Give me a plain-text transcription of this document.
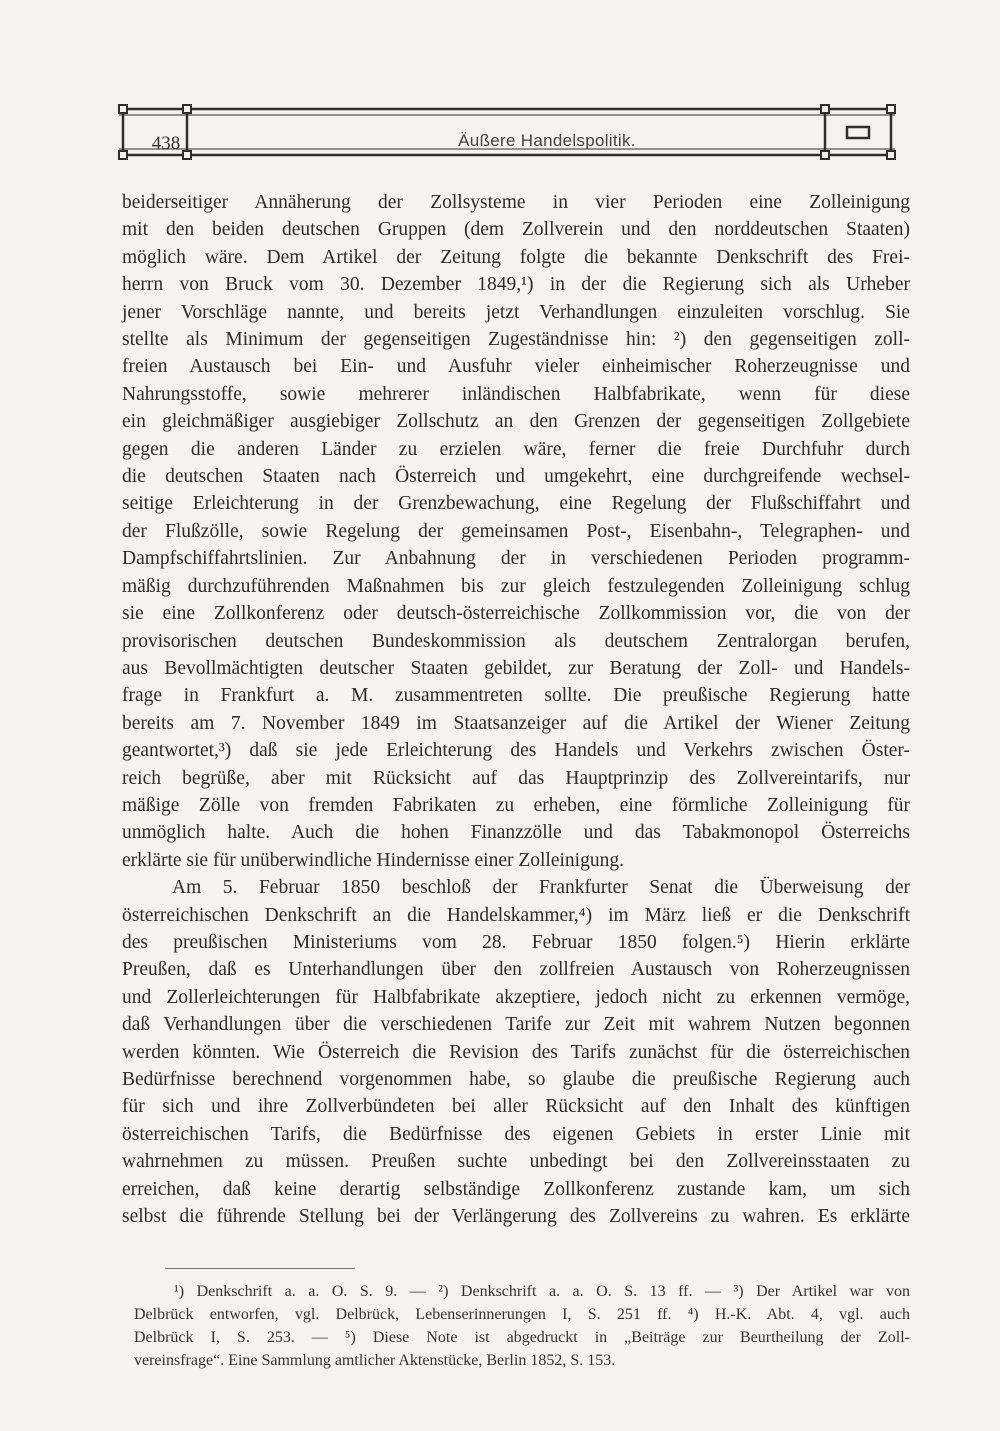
438	Äußere Handelspolitik.
beiderseitiger Annäherung der Zollsysteme in vier Perioden eine Zolleinigung
mit den beiden deutschen Gruppen (dem Zollverein und den norddeutschen Staaten)
möglich wäre. Dem Artikel der Zeitung folgte die bekannte Denkschrift des Frei-
herrn von Bruck vom 30. Dezember 1849,¹) in der die Regierung sich als Urheber
jener Vorschläge nannte, und bereits jetzt Verhandlungen einzuleiten vorschlug. Sie
stellte als Minimum der gegenseitigen Zugeständnisse hin: ²) den gegenseitigen zoll-
freien Austausch bei Ein- und Ausfuhr vieler einheimischer Roherzeugnisse und
Nahrungsstoffe, sowie mehrerer inländischen Halbfabrikate, wenn für diese
ein gleichmäßiger ausgiebiger Zollschutz an den Grenzen der gegenseitigen Zollgebiete
gegen die anderen Länder zu erzielen wäre, ferner die freie Durchfuhr durch
die deutschen Staaten nach Österreich und umgekehrt, eine durchgreifende wechsel-
seitige Erleichterung in der Grenzbewachung, eine Regelung der Flußschiffahrt und
der Flußzölle, sowie Regelung der gemeinsamen Post-, Eisenbahn-, Telegraphen- und
Dampfschiffahrtslinien. Zur Anbahnung der in verschiedenen Perioden programm-
mäßig durchzuführenden Maßnahmen bis zur gleich festzulegenden Zolleinigung schlug
sie eine Zollkonferenz oder deutsch-österreichische Zollkommission vor, die von der
provisorischen deutschen Bundeskommission als deutschem Zentralorgan berufen,
aus Bevollmächtigten deutscher Staaten gebildet, zur Beratung der Zoll- und Handels-
frage in Frankfurt a. M. zusammentreten sollte. Die preußische Regierung hatte
bereits am 7. November 1849 im Staatsanzeiger auf die Artikel der Wiener Zeitung
geantwortet,³) daß sie jede Erleichterung des Handels und Verkehrs zwischen Öster-
reich begrüße, aber mit Rücksicht auf das Hauptprinzip des Zollvereintarifs, nur
mäßige Zölle von fremden Fabrikaten zu erheben, eine förmliche Zolleinigung für
unmöglich halte. Auch die hohen Finanzzölle und das Tabakmonopol Österreichs
erklärte sie für unüberwindliche Hindernisse einer Zolleinigung.
Am 5. Februar 1850 beschloß der Frankfurter Senat die Überweisung der
österreichischen Denkschrift an die Handelskammer,⁴) im März ließ er die Denkschrift
des preußischen Ministeriums vom 28. Februar 1850 folgen.⁵) Hierin erklärte
Preußen, daß es Unterhandlungen über den zollfreien Austausch von Roherzeugnissen
und Zollerleichterungen für Halbfabrikate akzeptiere, jedoch nicht zu erkennen vermöge,
daß Verhandlungen über die verschiedenen Tarife zur Zeit mit wahrem Nutzen begonnen
werden könnten. Wie Österreich die Revision des Tarifs zunächst für die österreichischen
Bedürfnisse berechnend vorgenommen habe, so glaube die preußische Regierung auch
für sich und ihre Zollverbündeten bei aller Rücksicht auf den Inhalt des künftigen
österreichischen Tarifs, die Bedürfnisse des eigenen Gebiets in erster Linie mit
wahrnehmen zu müssen. Preußen suchte unbedingt bei den Zollvereinsstaaten zu
erreichen, daß keine derartig selbständige Zollkonferenz zustande kam, um sich
selbst die führende Stellung bei der Verlängerung des Zollvereins zu wahren. Es erklärte
¹) Denkschrift a. a. O. S. 9. — ²) Denkschrift a. a. O. S. 13 ff. — ³) Der Artikel war von
Delbrück entworfen, vgl. Delbrück, Lebenserinnerungen I, S. 251 ff. ⁴) H.-K. Abt. 4, vgl. auch
Delbrück I, S. 253. — ⁵) Diese Note ist abgedruckt in „Beiträge zur Beurtheilung der Zoll-
vereinsfrage“. Eine Sammlung amtlicher Aktenstücke, Berlin 1852, S. 153.
